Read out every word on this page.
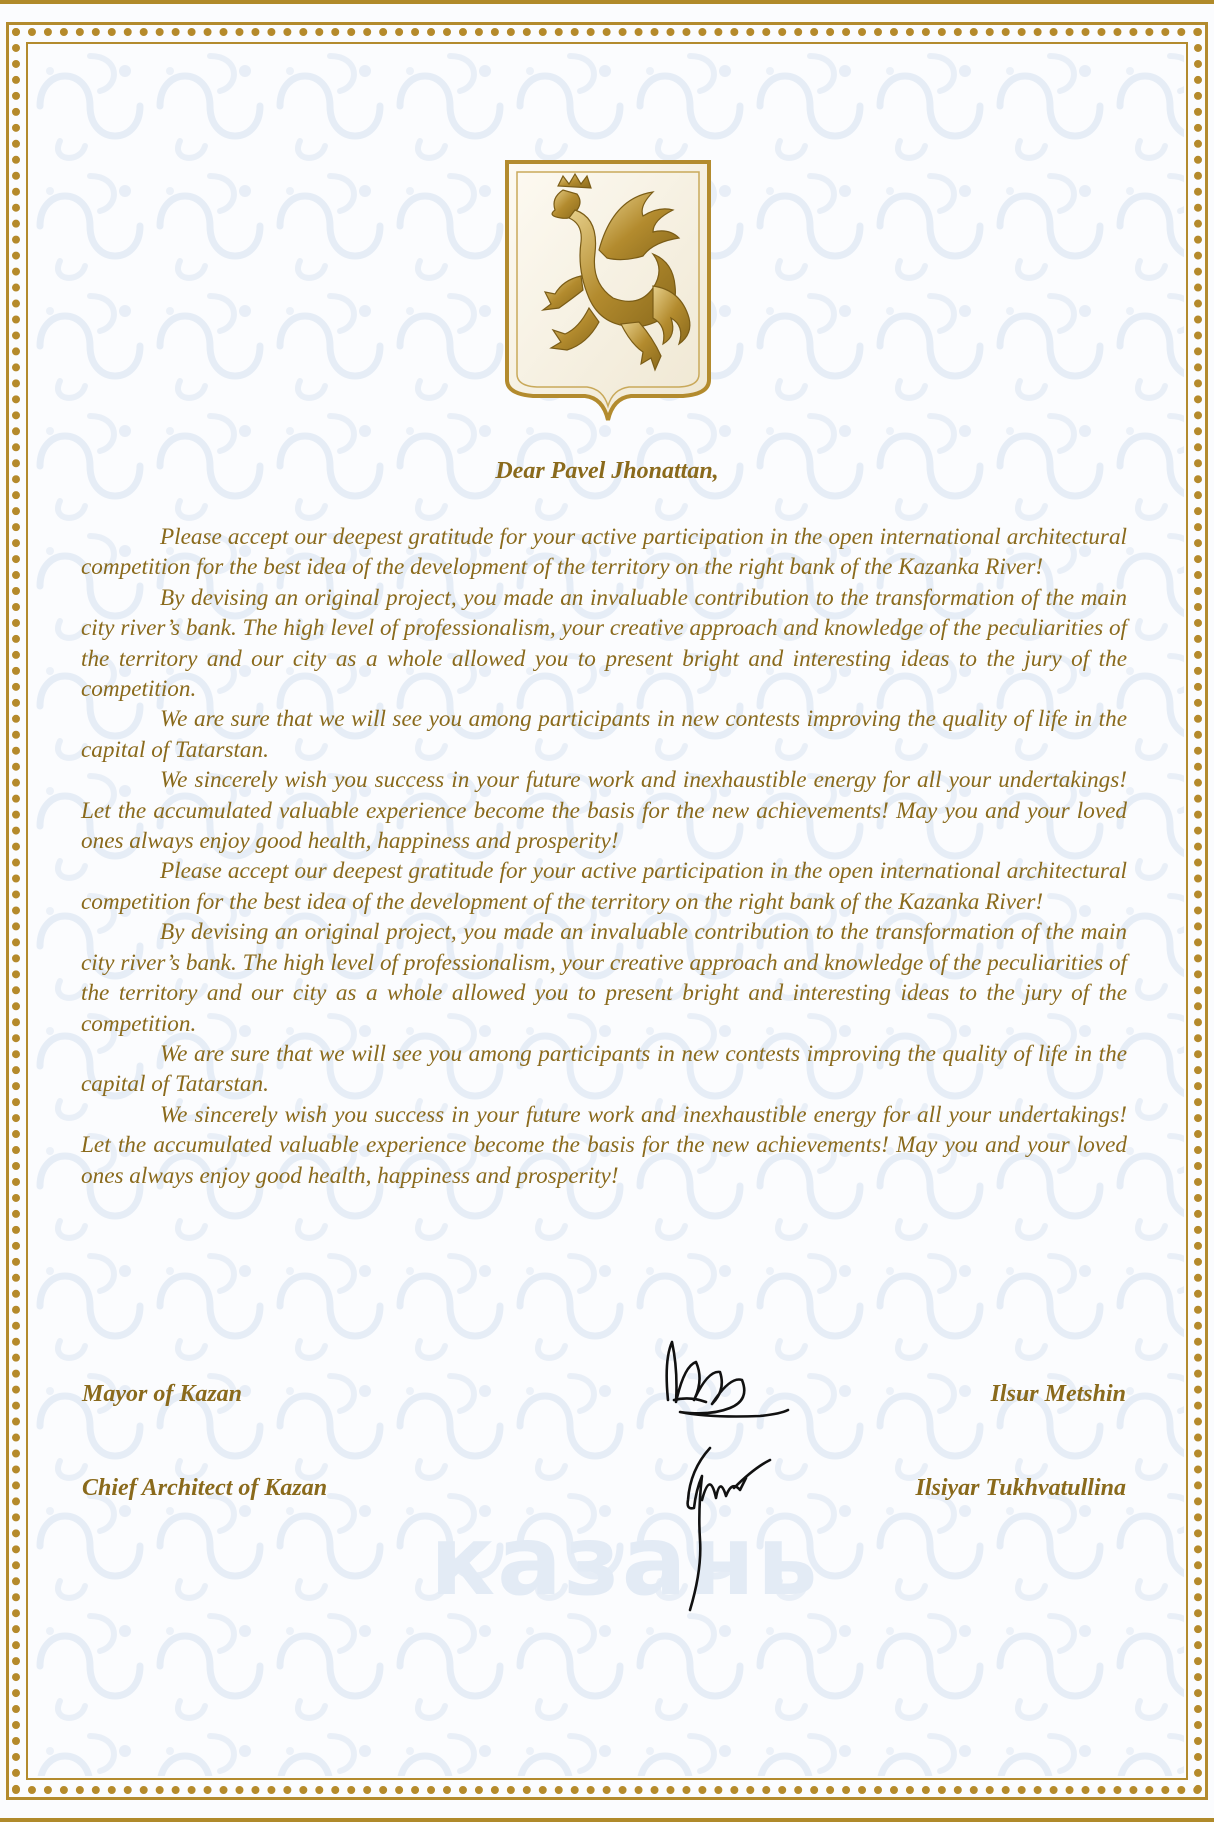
казань
Dear Pavel Jhonattan,

Please accept our deepest gratitude for your active participation in the open international architectural competition for the best idea of the development of the territory on the right bank of the Kazanka River!

By devising an original project, you made an invaluable contribution to the transformation of the main city river’s bank. The high level of professionalism, your creative approach and knowledge of the peculiarities of the territory and our city as a whole allowed you to present bright and interesting ideas to the jury of the competition.

We are sure that we will see you among participants in new contests improving the quality of life in the capital of Tatarstan.

We sincerely wish you success in your future work and inexhaustible energy for all your undertakings! Let the accumulated valuable experience become the basis for the new achievements! May you and your loved ones always enjoy good health, happiness and prosperity!

Please accept our deepest gratitude for your active participation in the open international architectural competition for the best idea of the development of the territory on the right bank of the Kazanka River!

By devising an original project, you made an invaluable contribution to the transformation of the main city river’s bank. The high level of professionalism, your creative approach and knowledge of the peculiarities of the territory and our city as a whole allowed you to present bright and interesting ideas to the jury of the competition.

We are sure that we will see you among participants in new contests improving the quality of life in the capital of Tatarstan.

We sincerely wish you success in your future work and inexhaustible energy for all your undertakings! Let the accumulated valuable experience become the basis for the new achievements! May you and your loved ones always enjoy good health, happiness and prosperity!

Mayor of Kazan	Ilsur Metshin
Chief Architect of Kazan	Ilsiyar Tukhvatullina
